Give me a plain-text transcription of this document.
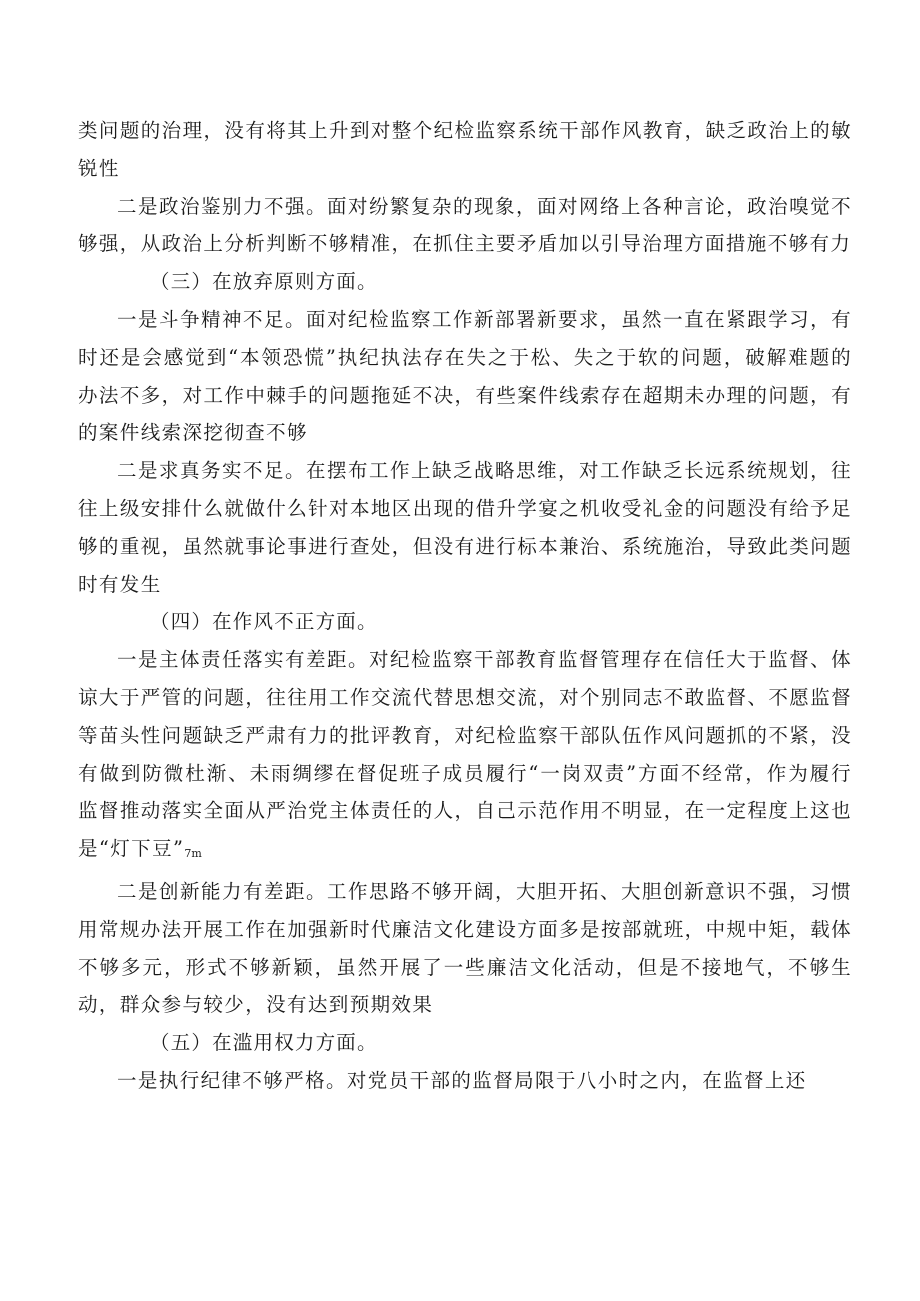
类问题的治理，没有将其上升到对整个纪检监察系统干部作风教育，缺乏政治上的敏锐性

二是政治鉴别力不强。面对纷繁复杂的现象，面对网络上各种言论，政治嗅觉不够强，从政治上分析判断不够精准，在抓住主要矛盾加以引导治理方面措施不够有力

（三）在放弃原则方面。

一是斗争精神不足。面对纪检监察工作新部署新要求，虽然一直在紧跟学习，有时还是会感觉到“本领恐慌”执纪执法存在失之于松、失之于软的问题，破解难题的办法不多，对工作中棘手的问题拖延不决，有些案件线索存在超期未办理的问题，有的案件线索深挖彻查不够

二是求真务实不足。在摆布工作上缺乏战略思维，对工作缺乏长远系统规划，往往上级安排什么就做什么针对本地区出现的借升学宴之机收受礼金的问题没有给予足够的重视，虽然就事论事进行查处，但没有进行标本兼治、系统施治，导致此类问题时有发生

（四）在作风不正方面。

一是主体责任落实有差距。对纪检监察干部教育监督管理存在信任大于监督、体谅大于严管的问题，往往用工作交流代替思想交流，对个别同志不敢监督、不愿监督等苗头性问题缺乏严肃有力的批评教育，对纪检监察干部队伍作风问题抓的不紧，没有做到防微杜渐、未雨绸缪在督促班子成员履行“一岗双责”方面不经常，作为履行监督推动落实全面从严治党主体责任的人，自己示范作用不明显，在一定程度上这也是“灯下豆”7m

二是创新能力有差距。工作思路不够开阔，大胆开拓、大胆创新意识不强，习惯用常规办法开展工作在加强新时代廉洁文化建设方面多是按部就班，中规中矩，载体不够多元，形式不够新颖，虽然开展了一些廉洁文化活动，但是不接地气，不够生动，群众参与较少，没有达到预期效果

（五）在滥用权力方面。

一是执行纪律不够严格。对党员干部的监督局限于八小时之内，在监督上还
